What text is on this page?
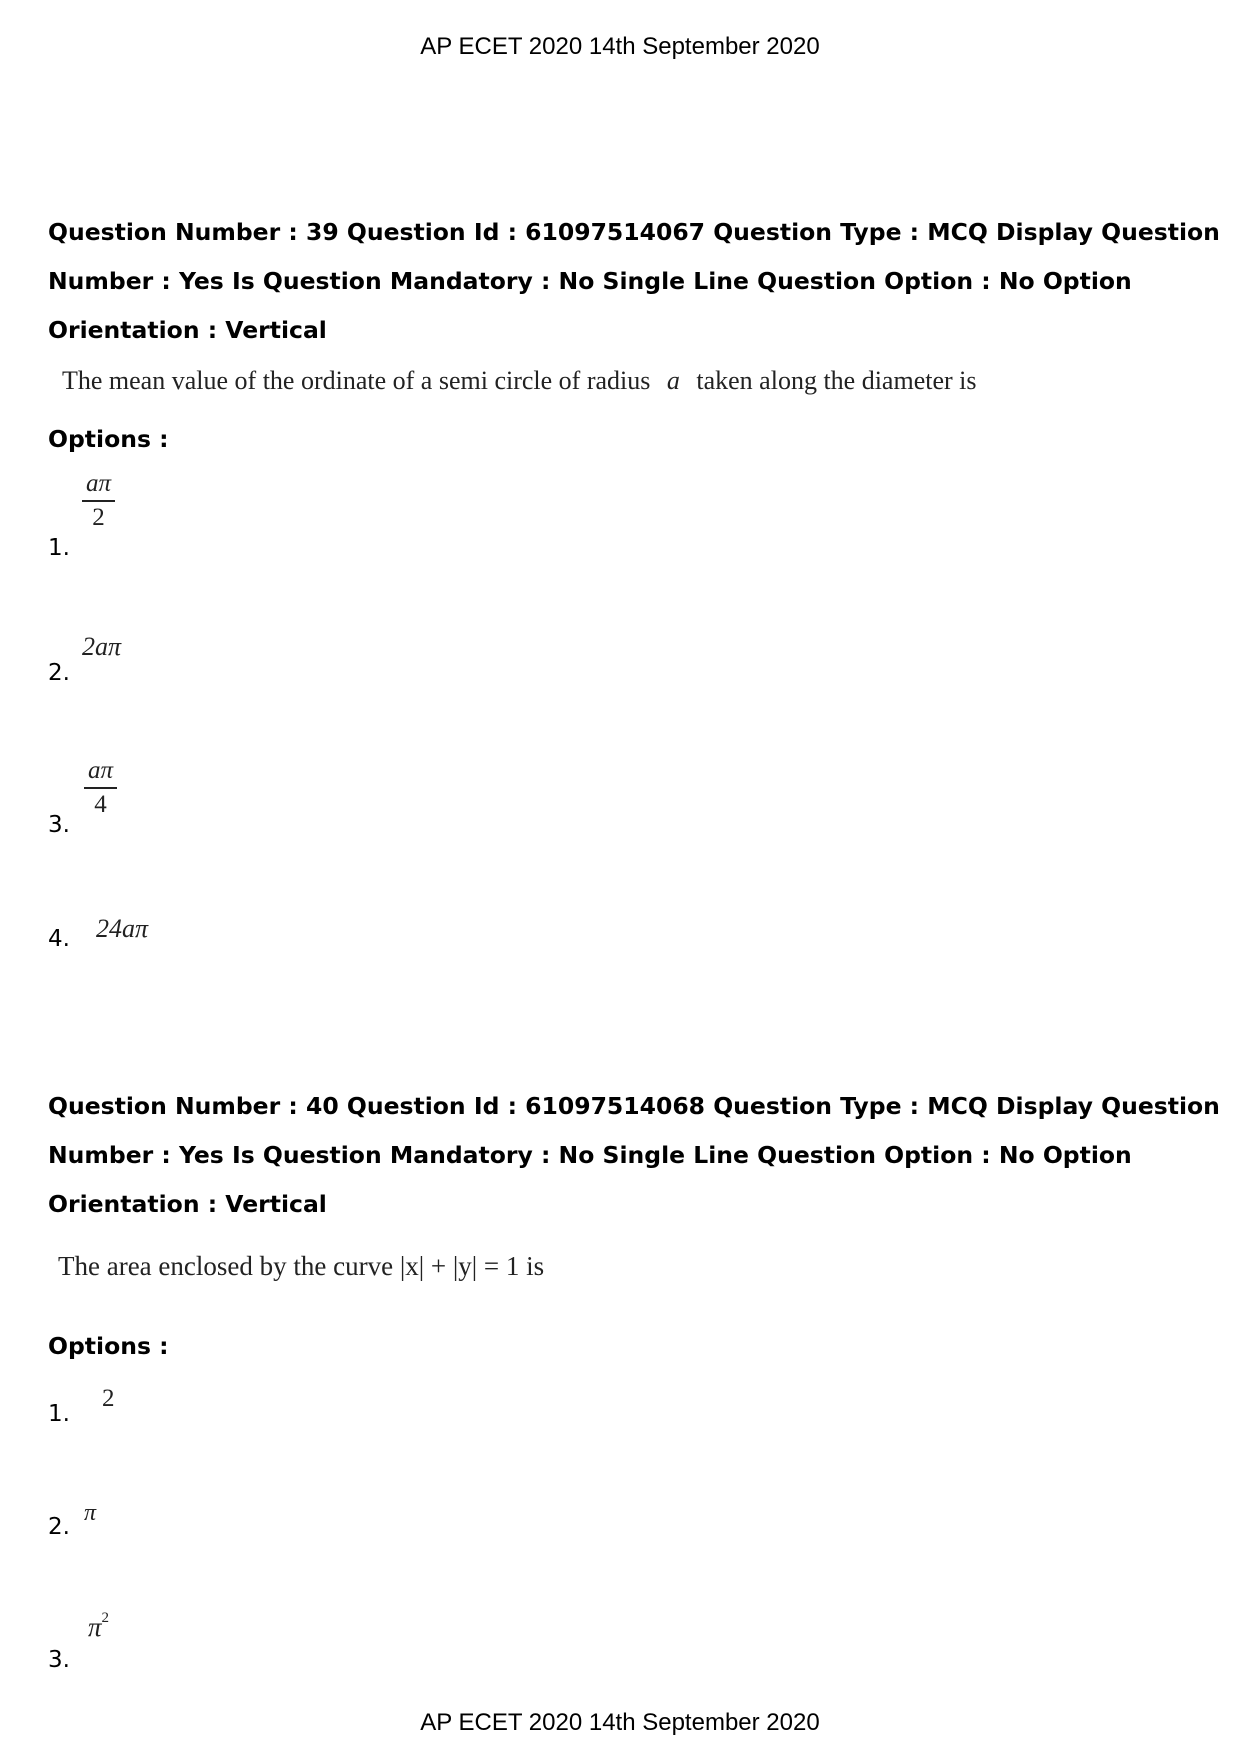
AP ECET 2020 14th September 2020
Question Number : 39 Question Id : 61097514067 Question Type : MCQ Display Question
Number : Yes Is Question Mandatory : No Single Line Question Option : No Option
Orientation : Vertical
The mean value of the ordinate of a semi circle of radius a taken along the diameter is
Options :
1.
aπ
2
2.
2aπ
3.
aπ
4
4. 24aπ
Question Number : 40 Question Id : 61097514068 Question Type : MCQ Display Question
Number : Yes Is Question Mandatory : No Single Line Question Option : No Option
Orientation : Vertical
The area enclosed by the curve |x| + |y| = 1 is
Options :
1.
2
2.
π
3.
$\pi^2$
AP ECET 2020 14th September 2020
